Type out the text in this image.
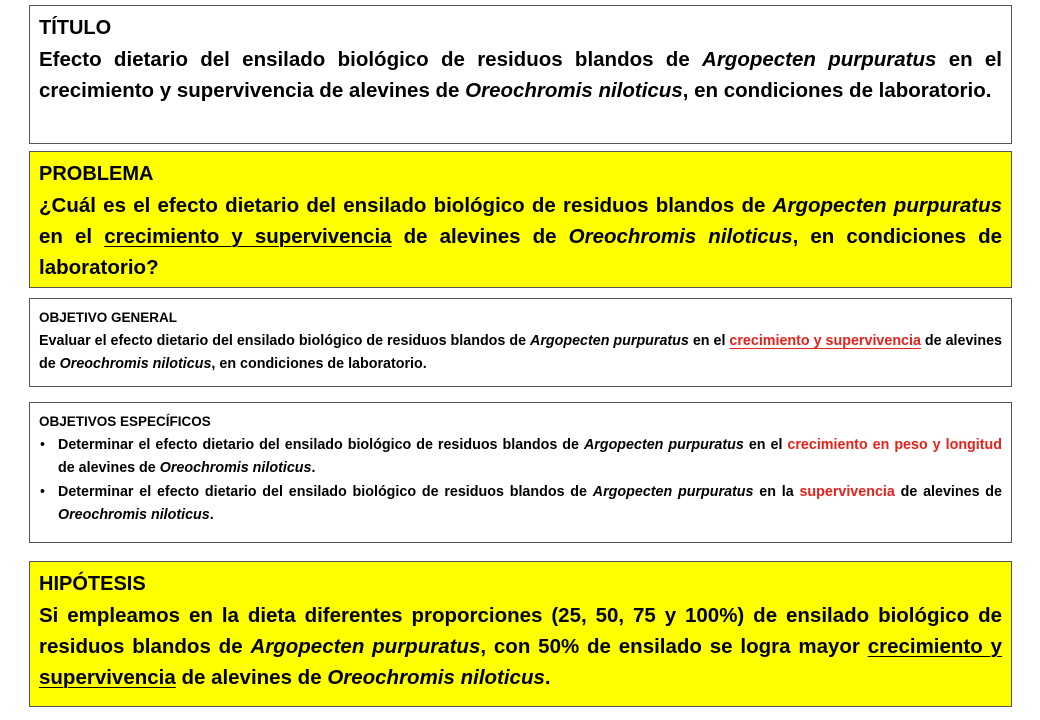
TÍTULO
Efecto dietario del ensilado biológico de residuos blandos de Argopecten purpuratus en el crecimiento y supervivencia de alevines de Oreochromis niloticus, en condiciones de laboratorio.
PROBLEMA
¿Cuál es el efecto dietario del ensilado biológico de residuos blandos de Argopecten purpuratus en el crecimiento y supervivencia de alevines de Oreochromis niloticus, en condiciones de laboratorio?
OBJETIVO GENERAL
Evaluar el efecto dietario del ensilado biológico de residuos blandos de Argopecten purpuratus en el crecimiento y supervivencia de alevines de Oreochromis niloticus, en condiciones de laboratorio.
OBJETIVOS ESPECÍFICOS
• Determinar el efecto dietario del ensilado biológico de residuos blandos de Argopecten purpuratus en el crecimiento en peso y longitud de alevines de Oreochromis niloticus.
• Determinar el efecto dietario del ensilado biológico de residuos blandos de Argopecten purpuratus en la supervivencia de alevines de Oreochromis niloticus.
HIPÓTESIS
Si empleamos en la dieta diferentes proporciones (25, 50, 75 y 100%) de ensilado biológico de residuos blandos de Argopecten purpuratus, con 50% de ensilado se logra mayor crecimiento y supervivencia de alevines de Oreochromis niloticus.
